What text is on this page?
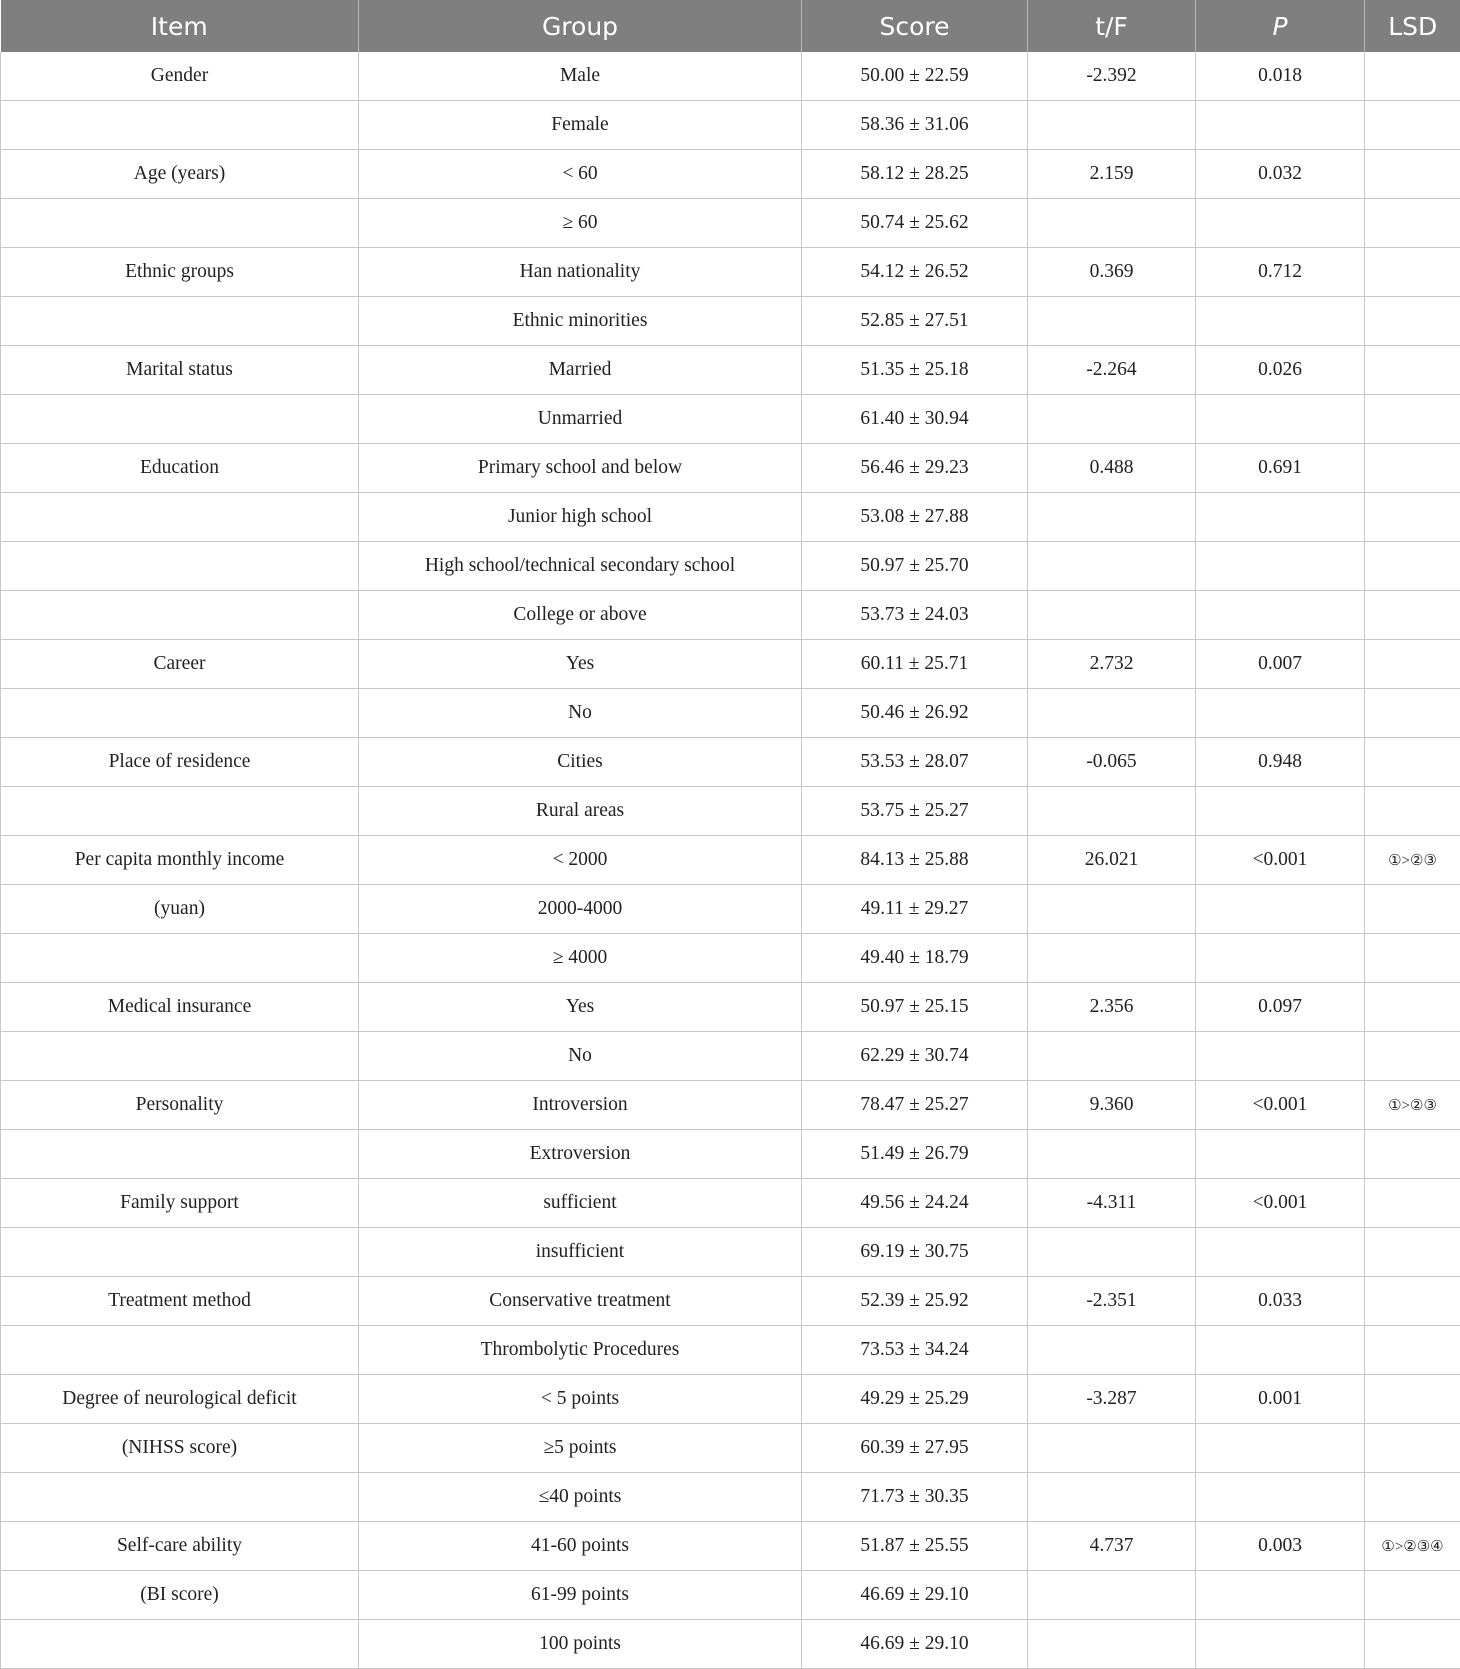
Item	Group	Score	t/F	P	LSD
Gender	Male	50.00 ± 22.59	-2.392	0.018	
	Female	58.36 ± 31.06			
Age (years)	< 60	58.12 ± 28.25	2.159	0.032	
	≥ 60	50.74 ± 25.62			
Ethnic groups	Han nationality	54.12 ± 26.52	0.369	0.712	
	Ethnic minorities	52.85 ± 27.51			
Marital status	Married	51.35 ± 25.18	-2.264	0.026	
	Unmarried	61.40 ± 30.94			
Education	Primary school and below	56.46 ± 29.23	0.488	0.691	
	Junior high school	53.08 ± 27.88			
	High school/technical secondary school	50.97 ± 25.70			
	College or above	53.73 ± 24.03			
Career	Yes	60.11 ± 25.71	2.732	0.007	
	No	50.46 ± 26.92			
Place of residence	Cities	53.53 ± 28.07	-0.065	0.948	
	Rural areas	53.75 ± 25.27			
Per capita monthly income	< 2000	84.13 ± 25.88	26.021	<0.001	①>②③
(yuan)	2000-4000	49.11 ± 29.27			
	≥ 4000	49.40 ± 18.79			
Medical insurance	Yes	50.97 ± 25.15	2.356	0.097	
	No	62.29 ± 30.74			
Personality	Introversion	78.47 ± 25.27	9.360	<0.001	①>②③
	Extroversion	51.49 ± 26.79			
Family support	sufficient	49.56 ± 24.24	-4.311	<0.001	
	insufficient	69.19 ± 30.75			
Treatment method	Conservative treatment	52.39 ± 25.92	-2.351	0.033	
	Thrombolytic Procedures	73.53 ± 34.24			
Degree of neurological deficit	< 5 points	49.29 ± 25.29	-3.287	0.001	
(NIHSS score)	≥5 points	60.39 ± 27.95			
	≤40 points	71.73 ± 30.35			
Self-care ability	41-60 points	51.87 ± 25.55	4.737	0.003	①>②③④
(BI score)	61-99 points	46.69 ± 29.10			
	100 points	46.69 ± 29.10			
